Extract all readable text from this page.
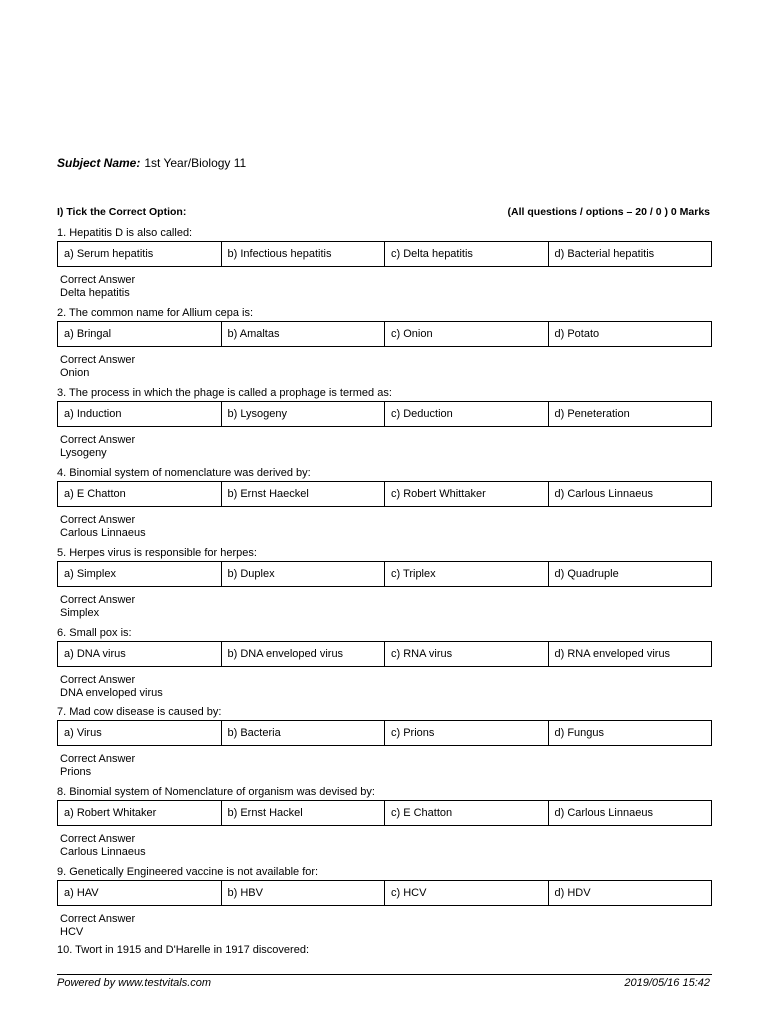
Subject Name: 1st Year/Biology 11
I) Tick the Correct Option:	(All questions / options – 20 / 0 ) 0 Marks
1. Hepatitis D is also called:
a) Serum hepatitis	b) Infectious hepatitis	c) Delta hepatitis	d) Bacterial hepatitis
Correct Answer
Delta hepatitis
2. The common name for Allium cepa is:
a) Bringal	b) Amaltas	c) Onion	d) Potato
Correct Answer
Onion
3. The process in which the phage is called a prophage is termed as:
a) Induction	b) Lysogeny	c) Deduction	d) Peneteration
Correct Answer
Lysogeny
4. Binomial system of nomenclature was derived by:
a) E Chatton	b) Ernst Haeckel	c) Robert Whittaker	d) Carlous Linnaeus
Correct Answer
Carlous Linnaeus
5. Herpes virus is responsible for herpes:
a) Simplex	b) Duplex	c) Triplex	d) Quadruple
Correct Answer
Simplex
6. Small pox is:
a) DNA virus	b) DNA enveloped virus	c) RNA virus	d) RNA enveloped virus
Correct Answer
DNA enveloped virus
7. Mad cow disease is caused by:
a) Virus	b) Bacteria	c) Prions	d) Fungus
Correct Answer
Prions
8. Binomial system of Nomenclature of organism was devised by:
a) Robert Whitaker	b) Ernst Hackel	c) E Chatton	d) Carlous Linnaeus
Correct Answer
Carlous Linnaeus
9. Genetically Engineered vaccine is not available for:
a) HAV	b) HBV	c) HCV	d) HDV
Correct Answer
HCV
10. Twort in 1915 and D'Harelle in 1917 discovered:
Powered by www.testvitals.com	2019/05/16 15:42
